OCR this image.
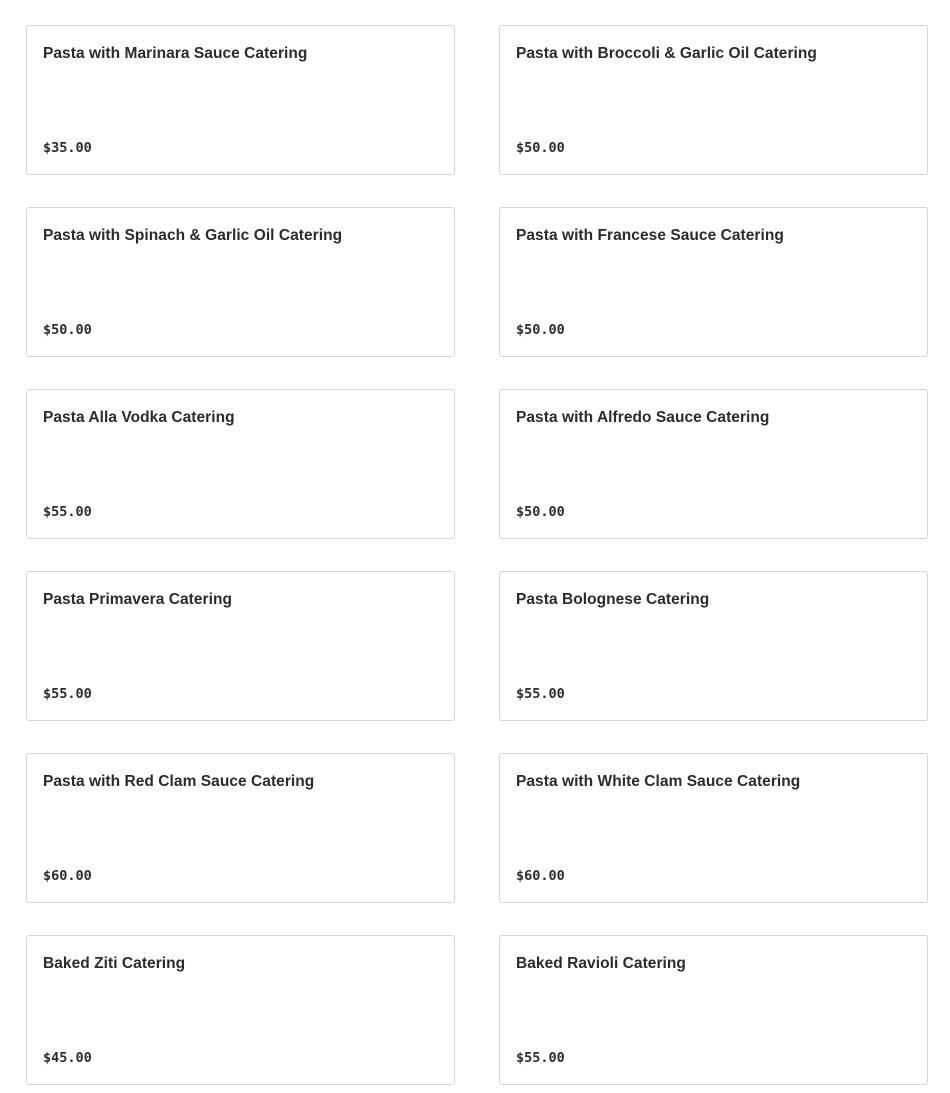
Pasta with Marinara Sauce Catering
$35.00
Pasta with Broccoli & Garlic Oil Catering
$50.00
Pasta with Spinach & Garlic Oil Catering
$50.00
Pasta with Francese Sauce Catering
$50.00
Pasta Alla Vodka Catering
$55.00
Pasta with Alfredo Sauce Catering
$50.00
Pasta Primavera Catering
$55.00
Pasta Bolognese Catering
$55.00
Pasta with Red Clam Sauce Catering
$60.00
Pasta with White Clam Sauce Catering
$60.00
Baked Ziti Catering
$45.00
Baked Ravioli Catering
$55.00
